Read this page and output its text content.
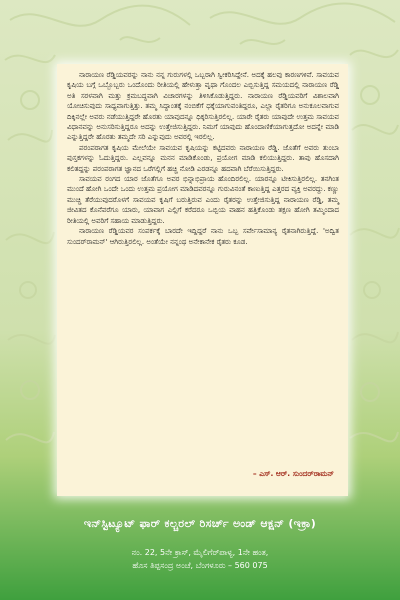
ನಾರಾಯಣ ರೆಡ್ಡಿಯವರನ್ನು ನಾನು ನನ್ನ ಗುರುಗಳಲ್ಲಿ ಒಬ್ಬರಾಗಿ ಸ್ವೀಕರಿಸಿದ್ದೇನೆ. ಅದಕ್ಕೆ ಹಲವು ಕಾರಣಗಳಿವೆ. ಸಾವಯವ ಕೃಷಿಯ ಬಗ್ಗೆ ಒಬ್ಬೊಬ್ಬರು ಒಂದೊಂದು ರೀತಿಯಲ್ಲಿ ಹೇಳುತ್ತಾ ವೃಥಾ ಗೊಂದಲ ಎಬ್ಬಿಸುತ್ತಿದ್ದ ಸಮಯದಲ್ಲಿ ನಾರಾಯಣ ರೆಡ್ಡಿ ಅತಿ ಸರಳವಾಗಿ ಮತ್ತು ಕ್ರಮಬದ್ಧವಾಗಿ ವಿಚಾರಗಳನ್ನು ತಿಳಿಸಿಕೊಡುತ್ತಿದ್ದರು. ನಾರಾಯಣ ರೆಡ್ಡಿಯವರಿಗೆ ವಿಶಾಲವಾಗಿ ಯೋಚಿಸುವುದು ಸಾಧ್ಯವಾಗುತ್ತಿತ್ತು. ತಮ್ಮ ಸಿದ್ಧಾಂತಕ್ಕೆ ನಂಬಿಕೆಗೆ ಧಕ್ಕೆಯಾಗುವಂತಿದ್ದರೂ, ಎಲ್ಲಾ ರೈತರಿಗೂ ಅನುಕೂಲವಾಗುವ ದಿಕ್ಕಿನಲ್ಲೇ ಅವರು ನಡೆಯುತ್ತಿದ್ದರೇ ಹೊರತು ಯಾವುದನ್ನೂ ಧಿಕ್ಕರಿಸುತ್ತಿರಲಿಲ್ಲ. ಯಾರೇ ರೈತರು ಯಾವುದೇ ಉತ್ತಮ ಸಾವಯವ ವಿಧಾನವನ್ನು ಅನುಸರಿಸುತ್ತಿದ್ದರೂ ಅದನ್ನು ಉತ್ತೇಜಿಸುತ್ತಿದ್ದರು. ನಿಮಗೆ ಯಾವುದು ಹೊಂದಾಣಿಕೆಯಾಗುತ್ತದೋ ಅದನ್ನೇ ಮಾಡಿ ಎನ್ನುತ್ತಿದ್ದರೇ ಹೊರತು ತಮ್ಮದೇ ಸರಿ ಎನ್ನುವುದು ಅವರಲ್ಲಿ ಇರಲಿಲ್ಲ.

ಪರಂಪರಾಗತ ಕೃಷಿಯ ಮೇಲೆಯೇ ಸಾವಯವ ಕೃಷಿಯನ್ನು ಕಟ್ಟಿದವರು ನಾರಾಯಣ ರೆಡ್ಡಿ. ಜೊತೆಗೆ ಅವರು ತುಂಬಾ ಪುಸ್ತಕಗಳನ್ನು ಓದುತ್ತಿದ್ದರು. ಎಲ್ಲವನ್ನೂ ಮನನ ಮಾಡಿಕೊಂಡು, ಪ್ರಯೋಗ ಮಾಡಿ ಕಲಿಯುತ್ತಿದ್ದರು. ತಾವು ಹೊಸದಾಗಿ ಕಲಿತದ್ದನ್ನು ಪರಂಪರಾಗತ ಜ್ಞಾನದ ಒರೆಗಲ್ಲಿಗೆ ಹಚ್ಚಿ ನೋಡಿ ಎರಡನ್ನೂ ಹದವಾಗಿ ಬೆರೆಯಿಸುತ್ತಿದ್ದರು.

ಸಾವಯವ ರಂಗದ ಯಾರ ಜೊತೆಗೂ ಅವರ ಭಿನ್ನಾಭಿಪ್ರಾಯ ಹೊಂದಿರಲಿಲ್ಲ. ಯಾರನ್ನೂ ಟೀಕಿಸುತ್ತಿರಲಿಲ್ಲ. ತನಗಿಂತ ಮುಂದೆ ಹೋಗಿ ಒಂದೇ ಒಂದು ಉತ್ತಮ ಪ್ರಯೋಗ ಮಾಡಿದವರನ್ನೂ ಗುರುವಿನಂತೆ ಕಾಣುತ್ತಿದ್ದ ಎತ್ತರದ ವ್ಯಕ್ತಿ ಅವರದ್ದು. ಕಣ್ಣು ಮುಚ್ಚಿ ತೆರೆಯುವುದರೊಳಗೆ ಸಾವಯವ ಕೃಷಿಗೆ ಬರುತ್ತಿರುವ ಎಂದು ರೈತರನ್ನು ಉತ್ತೇಜಿಸುತ್ತಿದ್ದ ನಾರಾಯಣ ರೆಡ್ಡಿ, ತಮ್ಮ ಜೀವಿತದ ಕೊನೆವರೆಗೂ ಯಾರು, ಯಾವಾಗ ಎಲ್ಲಿಗೆ ಕರೆದರೂ ಒಬ್ಬಿಯ ವಾಹನ ಹತ್ತಿಕೊಂಡು ತಕ್ಷಣ ಹೋಗಿ ತಮ್ಮಿಂದಾದ ರೀತಿಯಲ್ಲಿ ಅವರಿಗೆ ಸಹಾಯ ಮಾಡುತ್ತಿದ್ದರು.

ನಾರಾಯಣ ರೆಡ್ಡಿಯವರ ಸಂಪರ್ಕಕ್ಕೆ ಬಾರದೇ ಇದ್ದಿದ್ದರೆ ನಾನು ಒಬ್ಬ ಸರ್ವೇಸಾಮಾನ್ಯ ರೈತನಾಗಿರುತ್ತಿದ್ದೆ. 'ಅದ್ವಿತ ಸುಂದರ್‌ರಾಮನ್' ಆಗಿರುತ್ತಿರಲಿಲ್ಲ. ಅಂತೆಯೇ ನನ್ನಂಥ ಅನೇಕಾನೇಕ ರೈತರು ಕೂಡ.

– ಎಸ್. ಆರ್. ಸುಂದರ್‌ರಾಮನ್
ಇನ್‌ಸ್ಟಿಟ್ಯೂಟ್ ಫಾರ್ ಕಲ್ಚರಲ್ ರಿಸರ್ಚ್ ಅಂಡ್ ಆಕ್ಷನ್ (ಇಕ್ರಾ)
ನಂ. 22, 5ನೇ ಕ್ರಾಸ್, ಮೈಲಿಗೆರ್‌ಪಾಳ್ಯ, 1ನೇ ಹಂತ,
ಹೊಸ ತಿಪ್ಪಸಂದ್ರ ಅಂಚೆ, ಬೆಂಗಳೂರು – 560 075
